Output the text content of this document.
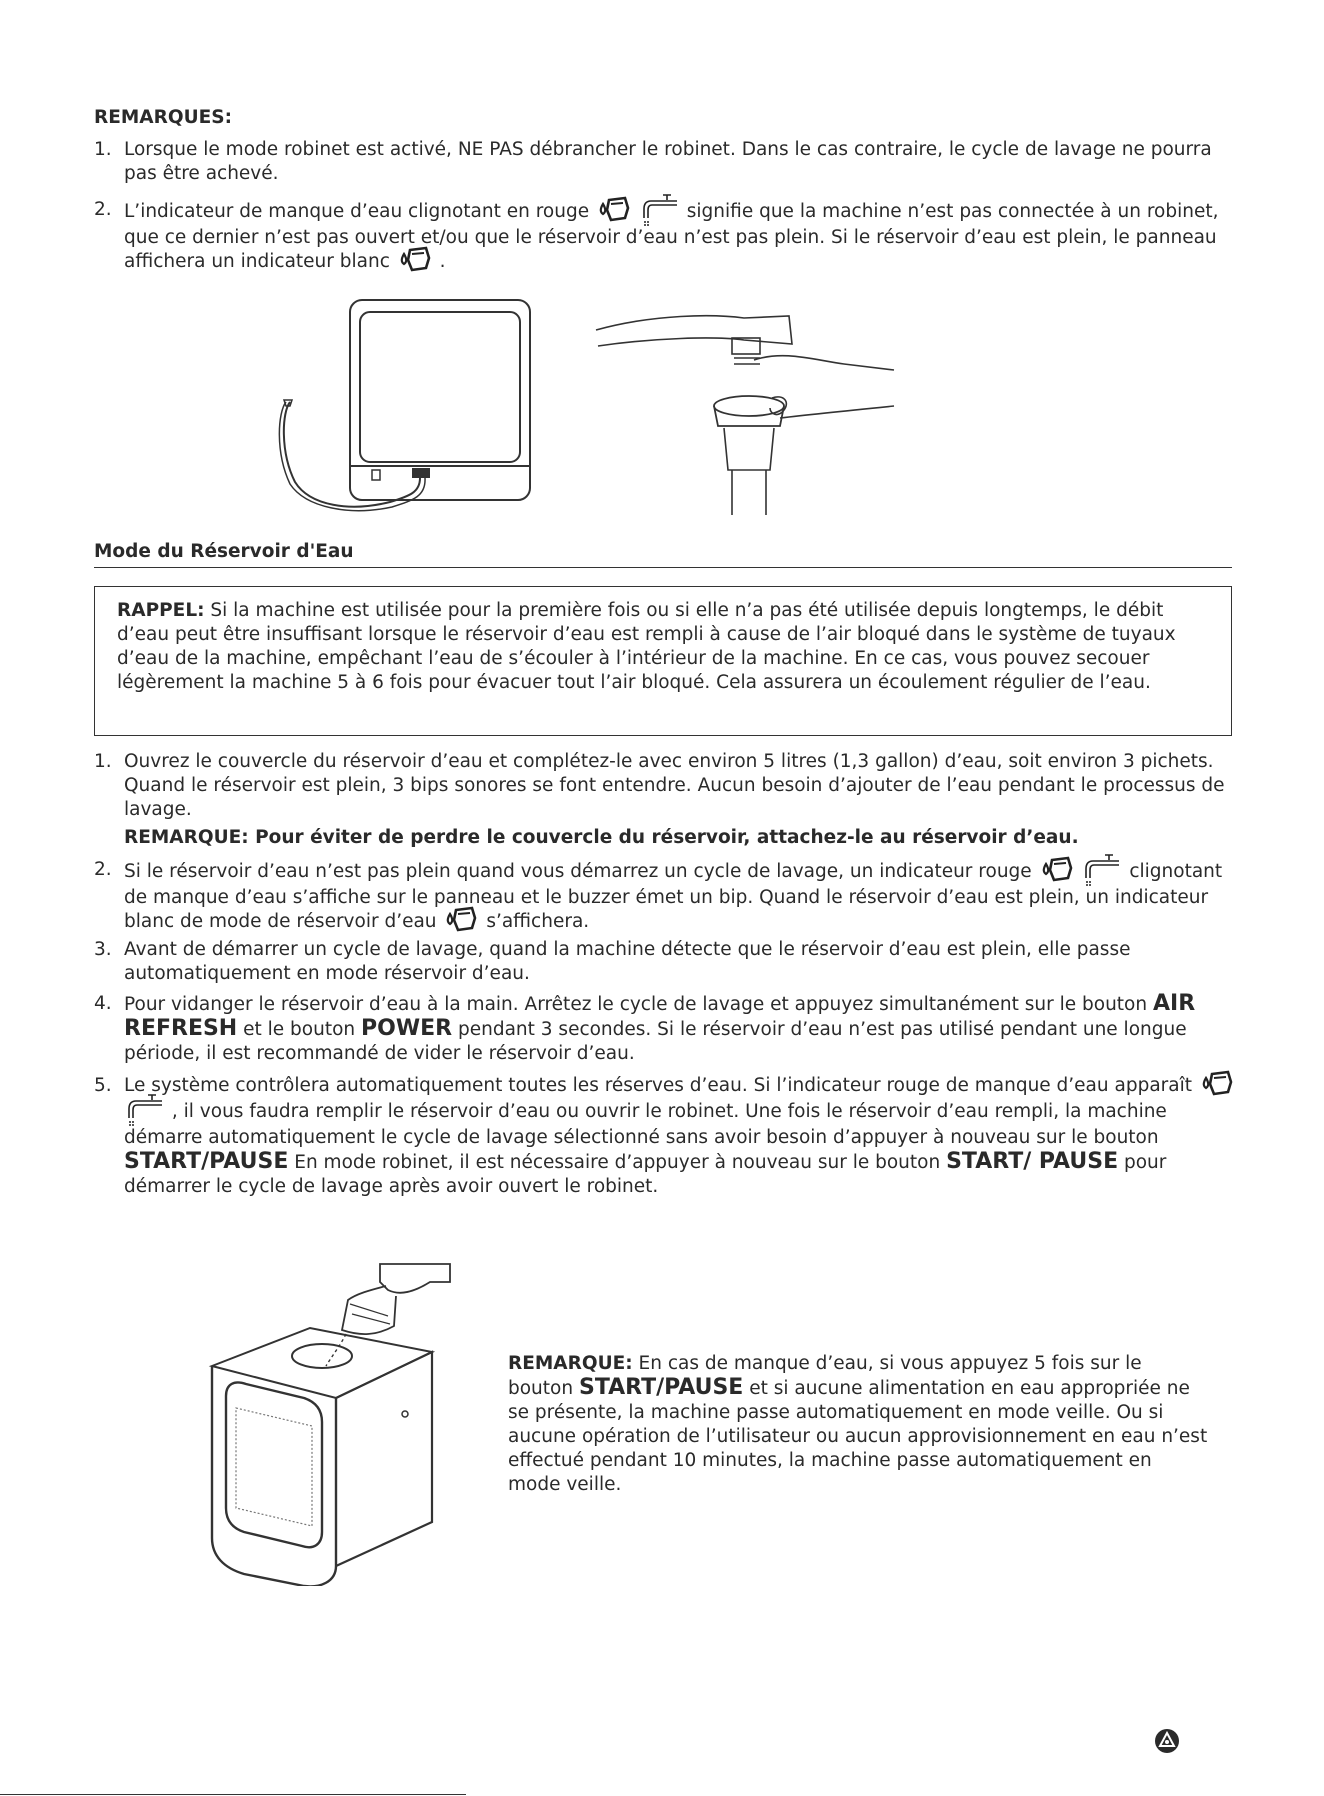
REMARQUES:
1. Lorsque le mode robinet est activé, NE PAS débrancher le robinet. Dans le cas contraire, le cycle de lavage ne pourra pas être achevé.
2. L’indicateur de manque d’eau clignotant en rouge
	signifie que la machine n’est pas connectée à un robinet, que ce dernier n’est pas ouvert et/ou que le réservoir d’eau n’est pas plein. Si le réservoir d’eau est plein, le panneau affichera un indicateur blanc	.
Mode du Réservoir d'Eau
RAPPEL: Si la machine est utilisée pour la première fois ou si elle n’a pas été utilisée depuis longtemps, le débit d’eau peut être insuffisant lorsque le réservoir d’eau est rempli à cause de l’air bloqué dans le système de tuyaux d’eau de la machine, empêchant l’eau de s’écouler à l’intérieur de la machine. En ce cas, vous pouvez secouer légèrement la machine 5 à 6 fois pour évacuer tout l’air bloqué. Cela assurera un écoulement régulier de l’eau.
1. Ouvrez le couvercle du réservoir d’eau et complétez-le avec environ 5 litres (1,3 gallon) d’eau, soit environ 3 pichets. Quand le réservoir est plein, 3 bips sonores se font entendre. Aucun besoin d’ajouter de l’eau pendant le processus de lavage.
REMARQUE: Pour éviter de perdre le couvercle du réservoir, attachez-le au réservoir d’eau.
2. Si le réservoir d’eau n’est pas plein quand vous démarrez un cycle de lavage, un indicateur rouge
	clignotant de manque d’eau s’affiche sur le panneau et le buzzer émet un bip. Quand le réservoir d’eau est plein, un indicateur blanc de mode de réservoir d’eau	s’affichera.
3. Avant de démarrer un cycle de lavage, quand la machine détecte que le réservoir d’eau est plein, elle passe automatiquement en mode réservoir d’eau.
4. Pour vidanger le réservoir d’eau à la main. Arrêtez le cycle de lavage et appuyez simultanément sur le bouton AIR REFRESH et le bouton POWER pendant 3 secondes. Si le réservoir d’eau n’est pas utilisé pendant une longue période, il est recommandé de vider le réservoir d’eau.
5. Le système contrôlera automatiquement toutes les réserves d’eau. Si l’indicateur rouge de manque d’eau apparaît

, il vous faudra remplir le réservoir d’eau ou ouvrir le robinet. Une fois le réservoir d’eau rempli, la machine démarre automatiquement le cycle de lavage sélectionné sans avoir besoin d’appuyer à nouveau sur le bouton START/PAUSE En mode robinet, il est nécessaire d’appuyer à nouveau sur le bouton START/ PAUSE pour démarrer le cycle de lavage après avoir ouvert le robinet.
REMARQUE: En cas de manque d’eau, si vous appuyez 5 fois sur le bouton START/PAUSE et si aucune alimentation en eau appropriée ne se présente, la machine passe automatiquement en mode veille. Ou si aucune opération de l’utilisateur ou aucun approvisionnement en eau n’est effectué pendant 10 minutes, la machine passe automatiquement en mode veille.
